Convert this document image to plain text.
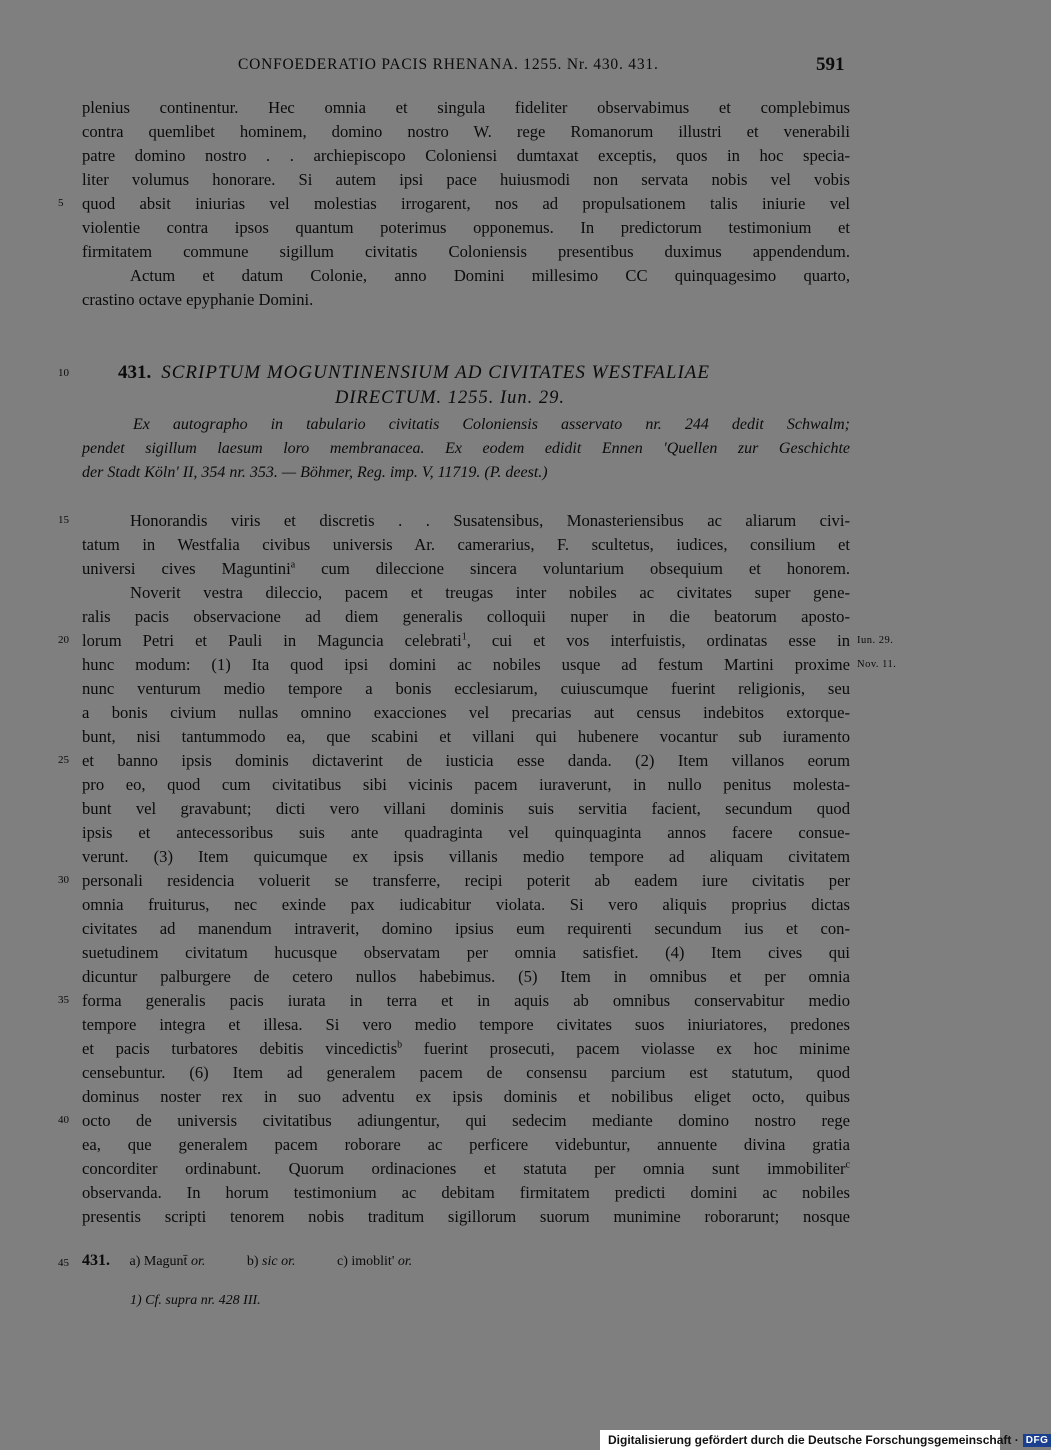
CONFOEDERATIO PACIS RHENANA. 1255. Nr. 430. 431.	591
plenius continentur. Hec omnia et singula fideliter observabimus et complebimus
contra quemlibet hominem, domino nostro W. rege Romanorum illustri et venerabili
patre domino nostro . . archiepiscopo Coloniensi dumtaxat exceptis, quos in hoc specia-
liter volumus honorare. Si autem ipsi pace huiusmodi non servata nobis vel vobis
quod absit iniurias vel molestias irrogarent, nos ad propulsationem talis iniurie vel
violentie contra ipsos quantum poterimus opponemus. In predictorum testimonium et
firmitatem commune sigillum civitatis Coloniensis presentibus duximus appendendum.
Actum et datum Colonie, anno Domini millesimo CC quinquagesimo quarto,
crastino octave epyphanie Domini.
5
10
15
20
25
30
35
40
45
431. SCRIPTUM MOGUNTINENSIUM AD CIVITATES WESTFALIAE
DIRECTUM. 1255. Iun. 29.
Ex autographo in tabulario civitatis Coloniensis asservato nr. 244 dedit Schwalm;
pendet sigillum laesum loro membranacea. Ex eodem edidit Ennen 'Quellen zur Geschichte
der Stadt Köln' II, 354 nr. 353. — Böhmer, Reg. imp. V, 11719. (P. deest.)
Honorandis viris et discretis . . Susatensibus, Monasteriensibus ac aliarum civi-
tatum in Westfalia civibus universis Ar. camerarius, F. scultetus, iudices, consilium et
universi cives Maguntini$^a$ cum dileccione sincera voluntarium obsequium et honorem.
Noverit vestra dileccio, pacem et treugas inter nobiles ac civitates super gene-
ralis pacis observacione ad diem generalis colloquii nuper in die beatorum aposto-
lorum Petri et Pauli in Maguncia celebrati$^1$, cui et vos interfuistis, ordinatas esse in
hunc modum: (1) Ita quod ipsi domini ac nobiles usque ad festum Martini proxime
nunc venturum medio tempore a bonis ecclesiarum, cuiuscumque fuerint religionis, seu
a bonis civium nullas omnino exacciones vel precarias aut census indebitos extorque-
bunt, nisi tantummodo ea, que scabini et villani qui hubenere vocantur sub iuramento
et banno ipsis dominis dictaverint de iusticia esse danda. (2) Item villanos eorum
pro eo, quod cum civitatibus sibi vicinis pacem iuraverunt, in nullo penitus molesta-
bunt vel gravabunt; dicti vero villani dominis suis servitia facient, secundum quod
ipsis et antecessoribus suis ante quadraginta vel quinquaginta annos facere consue-
verunt. (3) Item quicumque ex ipsis villanis medio tempore ad aliquam civitatem
personali residencia voluerit se transferre, recipi poterit ab eadem iure civitatis per
omnia fruiturus, nec exinde pax iudicabitur violata. Si vero aliquis proprius dictas
civitates ad manendum intraverit, domino ipsius eum requirenti secundum ius et con-
suetudinem civitatum hucusque observatam per omnia satisfiet. (4) Item cives qui
dicuntur palburgere de cetero nullos habebimus. (5) Item in omnibus et per omnia
forma generalis pacis iurata in terra et in aquis ab omnibus conservabitur medio
tempore integra et illesa. Si vero medio tempore civitates suos iniuriatores, predones
et pacis turbatores debitis vincedictis$^b$ fuerint prosecuti, pacem violasse ex hoc minime
censebuntur. (6) Item ad generalem pacem de consensu parcium est statutum, quod
dominus noster rex in suo adventu ex ipsis dominis et nobilibus eliget octo, quibus
octo de universis civitatibus adiungentur, qui sedecim mediante domino nostro rege
ea, que generalem pacem roborare ac perficere videbuntur, annuente divina gratia
concorditer ordinabunt. Quorum ordinaciones et statuta per omnia sunt immobiliter$^c$
observanda. In horum testimonium ac debitam firmitatem predicti domini ac nobiles
presentis scripti tenorem nobis traditum sigillorum suorum munimine roborarunt; nosque
Iun. 29.
Nov. 11.
431. a) Magunt̄ or.	b) sic or.	c) imoblit' or.
1) Cf. supra nr. 428 III.
Digitalisierung gefördert durch die Deutsche Forschungsgemeinschaft · DFG
